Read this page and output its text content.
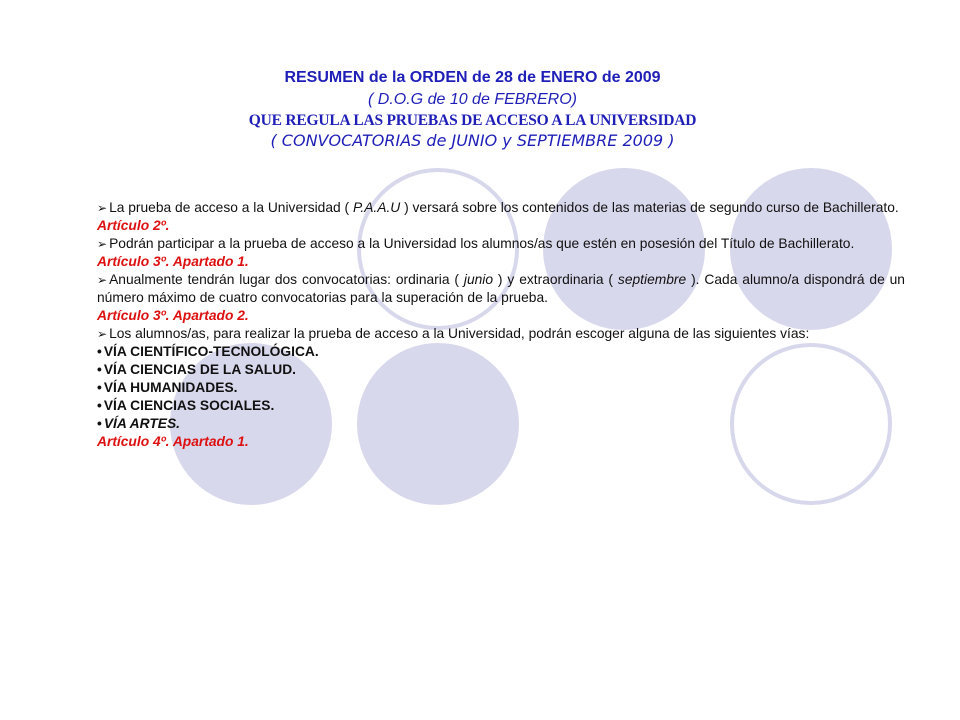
RESUMEN de la ORDEN de 28 de ENERO de 2009
( D.O.G de 10 de FEBRERO)
QUE REGULA LAS PRUEBAS DE ACCESO A LA UNIVERSIDAD
( CONVOCATORIAS de JUNIO y SEPTIEMBRE 2009 )

➢ La prueba de acceso a la Universidad ( P.A.A.U ) versará sobre los contenidos de las materias de segundo curso de Bachillerato.

Artículo 2º.

➢ Podrán participar a la prueba de acceso a la Universidad los alumnos/as que estén en posesión del Título de Bachillerato.

Artículo 3º. Apartado 1.

➢ Anualmente tendrán lugar dos convocatorias: ordinaria ( junio ) y extraordinaria ( septiembre ). Cada alumno/a dispondrá de un número máximo de cuatro convocatorias para la superación de la prueba.

Artículo 3º. Apartado 2.

➢ Los alumnos/as, para realizar la prueba de acceso a la Universidad, podrán escoger alguna de las siguientes vías:

• VÍA CIENTÍFICO-TECNOLÓGICA.

• VÍA CIENCIAS DE LA SALUD.

• VÍA HUMANIDADES.

• VÍA CIENCIAS SOCIALES.

• VÍA ARTES.

Artículo 4º. Apartado 1.
